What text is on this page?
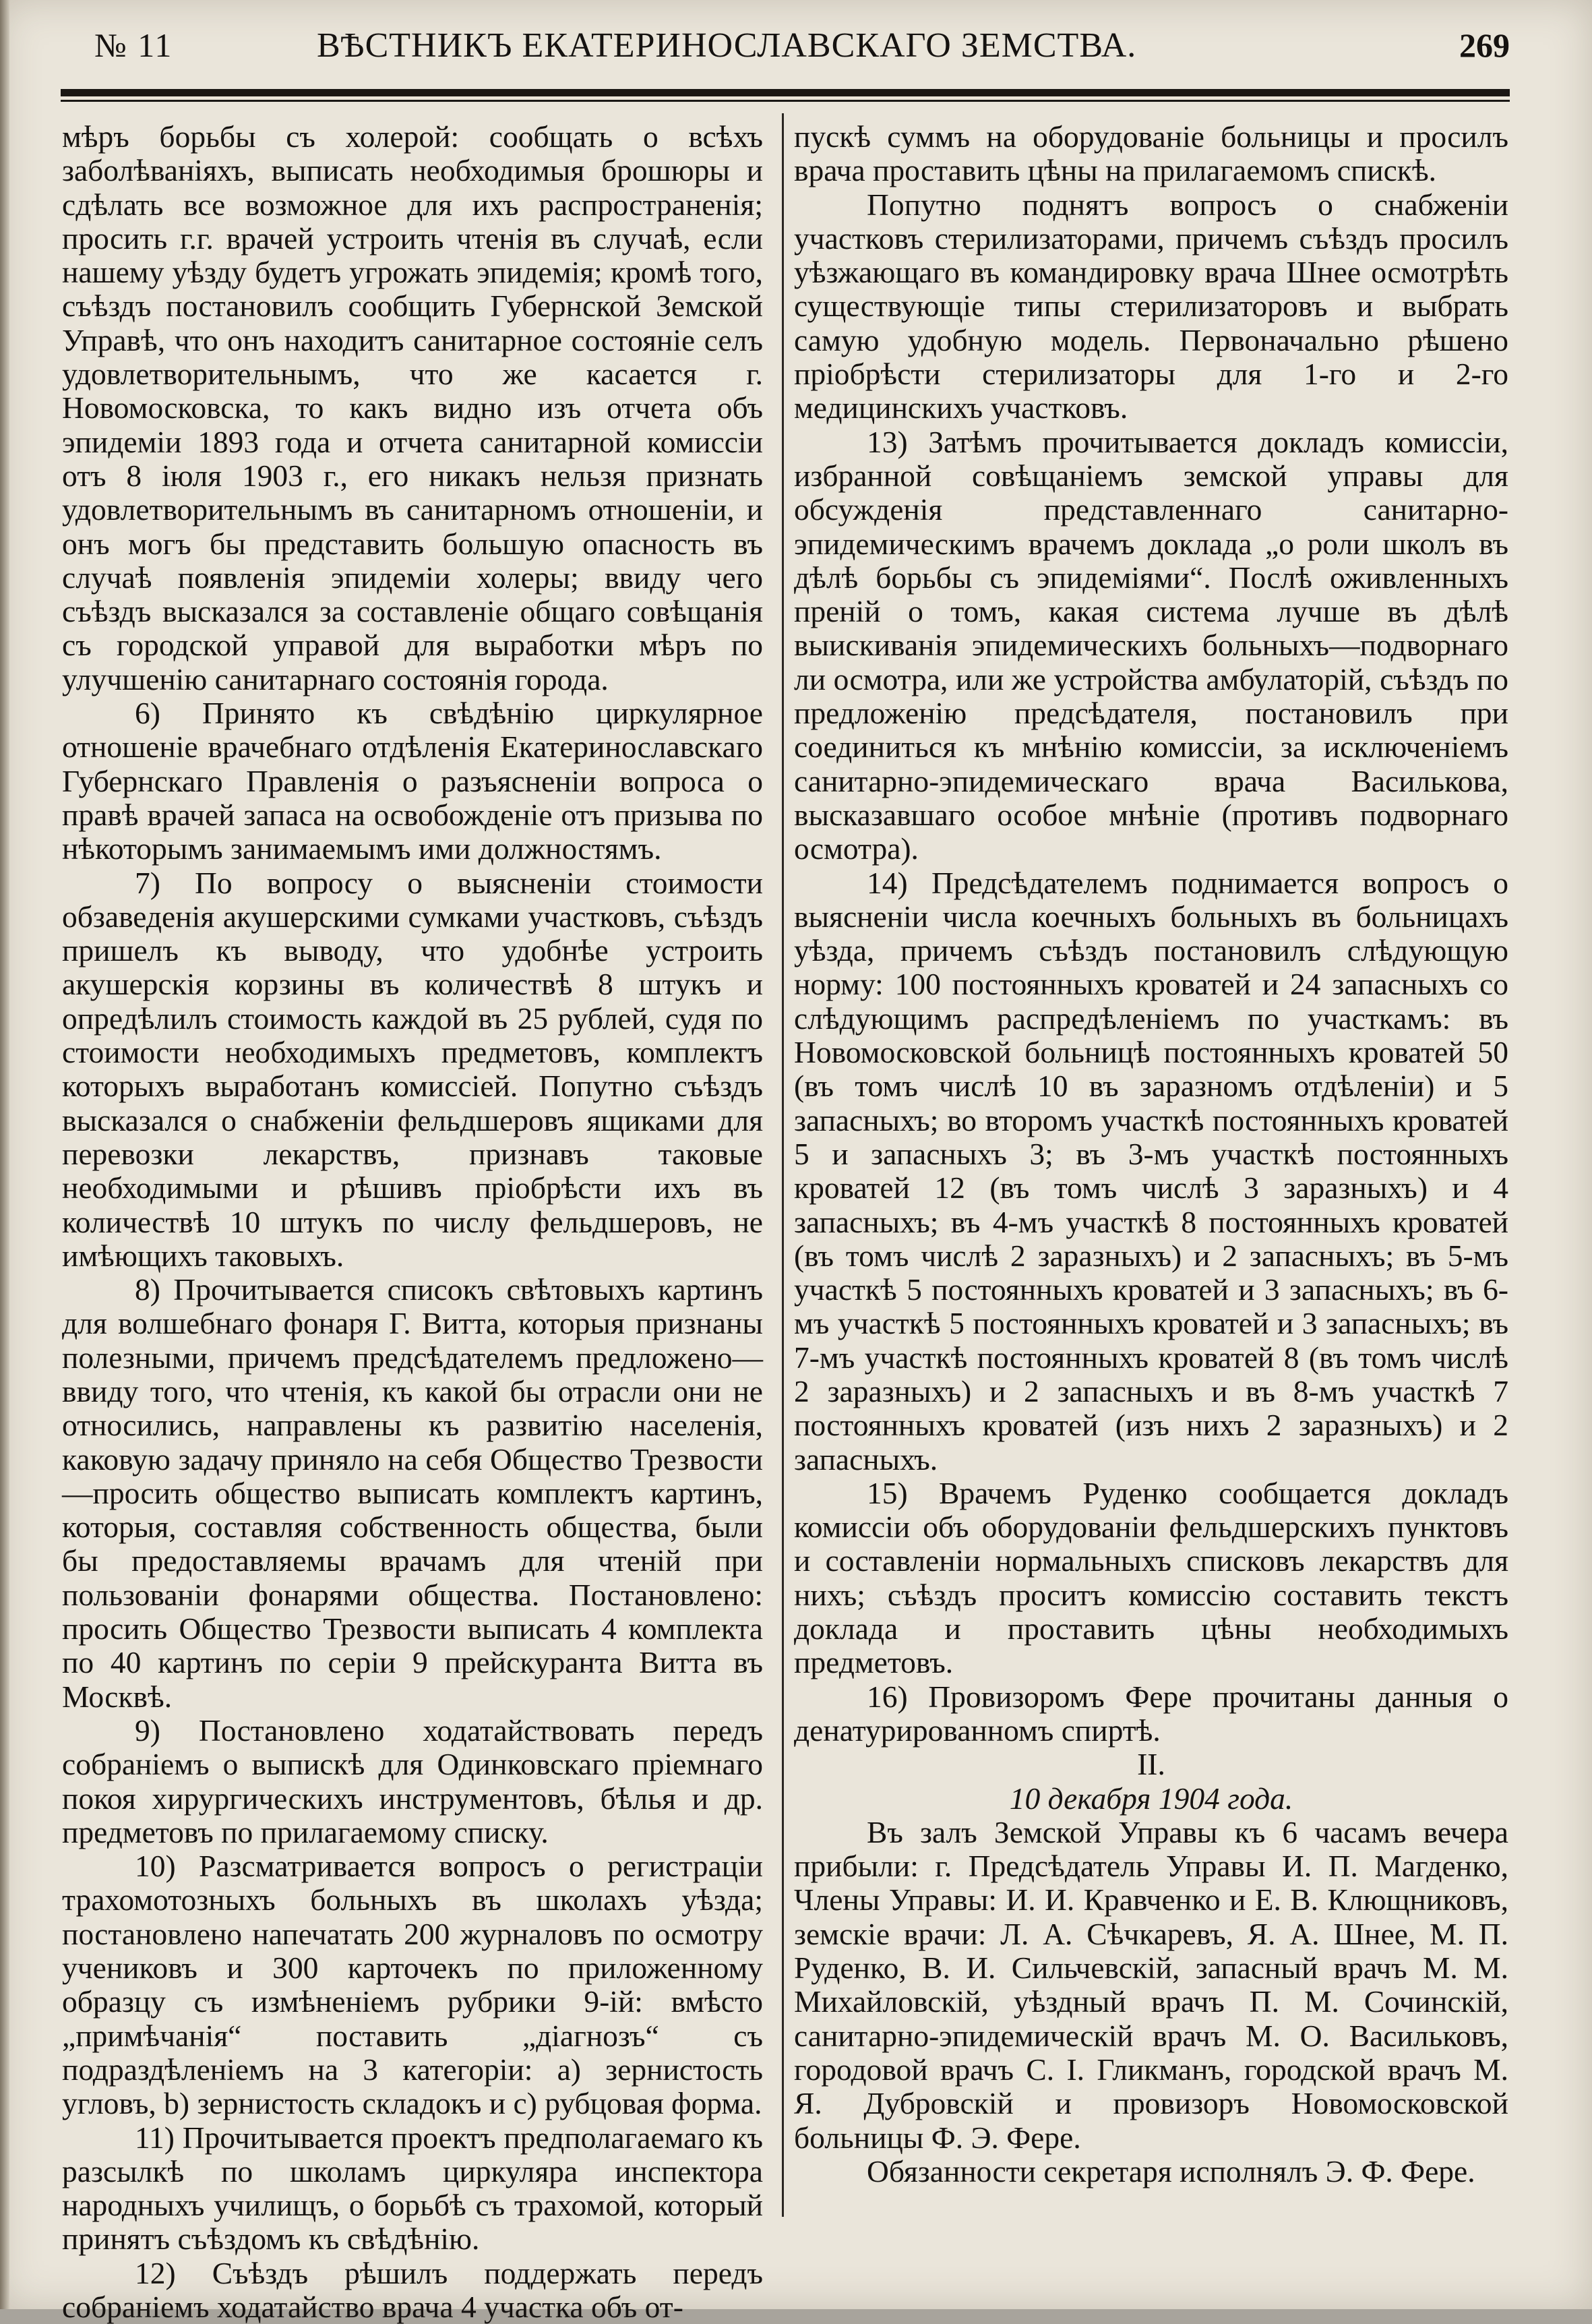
№ 11	ВѢСТНИКЪ ЕКАТЕРИНОСЛАВСКАГО ЗЕМСТВА.	269

мѣръ борьбы съ холерой: сообщать о всѣхъ заболѣваніяхъ, выписать необходимыя брошюры и сдѣлать все возможное для ихъ распространенія; просить г.г. врачей устроить чтенія въ случаѣ, если нашему уѣзду будетъ угрожать эпидемія; кромѣ того, съѣздъ постановилъ сообщить Губернской Земской Управѣ, что онъ находитъ санитарное состояніе селъ удовлетворительнымъ, что же касается г. Новомосковска, то какъ видно изъ отчета объ эпидеміи 1893 года и отчета санитарной комиссіи отъ 8 іюля 1903 г., его никакъ нельзя признать удовлетворительнымъ въ санитарномъ отношеніи, и онъ могъ бы представить большую опасность въ случаѣ появленія эпидеміи холеры; ввиду чего съѣздъ высказался за составленіе общаго совѣщанія съ городской управой для выработки мѣръ по улучшенію санитарнаго состоянія города.

6) Принято къ свѣдѣнію циркулярное отношеніе врачебнаго отдѣленія Екатеринославскаго Губернскаго Правленія о разъясненіи вопроса о правѣ врачей запаса на освобожденіе отъ призыва по нѣкоторымъ занимаемымъ ими должностямъ.

7) По вопросу о выясненіи стоимости обзаведенія акушерскими сумками участковъ, съѣздъ пришелъ къ выводу, что удобнѣе устроить акушерскія корзины въ количествѣ 8 штукъ и опредѣлилъ стоимость каждой въ 25 рублей, судя по стоимости необходимыхъ предметовъ, комплектъ которыхъ выработанъ комиссіей. Попутно съѣздъ высказался о снабженіи фельдшеровъ ящиками для перевозки лекарствъ, признавъ таковые необходимыми и рѣшивъ пріобрѣсти ихъ въ количествѣ 10 штукъ по числу фельдшеровъ, не имѣющихъ таковыхъ.

8) Прочитывается списокъ свѣтовыхъ картинъ для волшебнаго фонаря Г. Витта, которыя признаны полезными, причемъ предсѣдателемъ предложено—ввиду того, что чтенія, къ какой бы отрасли они не относились, направлены къ развитію населенія, каковую задачу приняло на себя Общество Трезвости—просить общество выписать комплектъ картинъ, которыя, составляя собственность общества, были бы предоставляемы врачамъ для чтеній при пользованіи фонарями общества. Постановлено: просить Общество Трезвости выписать 4 комплекта по 40 картинъ по серіи 9 прейскуранта Витта въ Москвѣ.

9) Постановлено ходатайствовать передъ собраніемъ о выпискѣ для Одинковскаго пріемнаго покоя хирургическихъ инструментовъ, бѣлья и др. предметовъ по прилагаемому списку.

10) Разсматривается вопросъ о регистраціи трахомотозныхъ больныхъ въ школахъ уѣзда; постановлено напечатать 200 журналовъ по осмотру учениковъ и 300 карточекъ по приложенному образцу съ измѣненіемъ рубрики 9-ій: вмѣсто „примѣчанія“ поставить „діагнозъ“ съ подраздѣленіемъ на 3 категоріи: а) зернистость угловъ, b) зернистость складокъ и c) рубцовая форма.

11) Прочитывается проектъ предполагаемаго къ разсылкѣ по школамъ циркуляра инспектора народныхъ училищъ, о борьбѣ съ трахомой, который принятъ съѣздомъ къ свѣдѣнію.

12) Съѣздъ рѣшилъ поддержать передъ собраніемъ ходатайство врача 4 участка объ от-

пускѣ суммъ на оборудованіе больницы и просилъ врача проставить цѣны на прилагаемомъ спискѣ.

Попутно поднятъ вопросъ о снабженіи участковъ стерилизаторами, причемъ съѣздъ просилъ уѣзжающаго въ командировку врача Шнее осмотрѣть существующіе типы стерилизаторовъ и выбрать самую удобную модель. Первоначально рѣшено пріобрѣсти стерилизаторы для 1-го и 2-го медицинскихъ участковъ.

13) Затѣмъ прочитывается докладъ комиссіи, избранной совѣщаніемъ земской управы для обсужденія представленнаго санитарно-эпидемическимъ врачемъ доклада „о роли школъ въ дѣлѣ борьбы съ эпидеміями“. Послѣ оживленныхъ преній о томъ, какая система лучше въ дѣлѣ выискиванія эпидемическихъ больныхъ—подворнаго ли осмотра, или же устройства амбулаторій, съѣздъ по предложенію предсѣдателя, постановилъ при соединиться къ мнѣнію комиссіи, за исключеніемъ санитарно-эпидемическаго врача Василькова, высказавшаго особое мнѣніе (противъ подворнаго осмотра).

14) Предсѣдателемъ поднимается вопросъ о выясненіи числа коечныхъ больныхъ въ больницахъ уѣзда, причемъ съѣздъ постановилъ слѣдующую норму: 100 постоянныхъ кроватей и 24 запасныхъ со слѣдующимъ распредѣленіемъ по участкамъ: въ Новомосковской больницѣ постоянныхъ кроватей 50 (въ томъ числѣ 10 въ заразномъ отдѣленіи) и 5 запасныхъ; во второмъ участкѣ постоянныхъ кроватей 5 и запасныхъ 3; въ 3-мъ участкѣ постоянныхъ кроватей 12 (въ томъ числѣ 3 заразныхъ) и 4 запасныхъ; въ 4-мъ участкѣ 8 постоянныхъ кроватей (въ томъ числѣ 2 заразныхъ) и 2 запасныхъ; въ 5-мъ участкѣ 5 постоянныхъ кроватей и 3 запасныхъ; въ 6-мъ участкѣ 5 постоянныхъ кроватей и 3 запасныхъ; въ 7-мъ участкѣ постоянныхъ кроватей 8 (въ томъ числѣ 2 заразныхъ) и 2 запасныхъ и въ 8-мъ участкѣ 7 постоянныхъ кроватей (изъ нихъ 2 заразныхъ) и 2 запасныхъ.

15) Врачемъ Руденко сообщается докладъ комиссіи объ оборудованіи фельдшерскихъ пунктовъ и составленіи нормальныхъ списковъ лекарствъ для нихъ; съѣздъ проситъ комиссію составить текстъ доклада и проставить цѣны необходимыхъ предметовъ.

16) Провизоромъ Фере прочитаны данныя о денатурированномъ спиртѣ.

II.

10 декабря 1904 года.

Въ залъ Земской Управы къ 6 часамъ вечера прибыли: г. Предсѣдатель Управы И. П. Магденко, Члены Управы: И. И. Кравченко и Е. В. Клющниковъ, земскіе врачи: Л. А. Сѣчкаревъ, Я. А. Шнее, М. П. Руденко, В. И. Сильчевскій, запасный врачъ М. М. Михайловскій, уѣздный врачъ П. М. Сочинскій, санитарно-эпидемическій врачъ М. О. Васильковъ, городовой врачъ С. І. Гликманъ, городской врачъ М. Я. Дубровскій и провизоръ Новомосковской больницы Ф. Э. Фере.

Обязанности секретаря исполнялъ Э. Ф. Фере.
